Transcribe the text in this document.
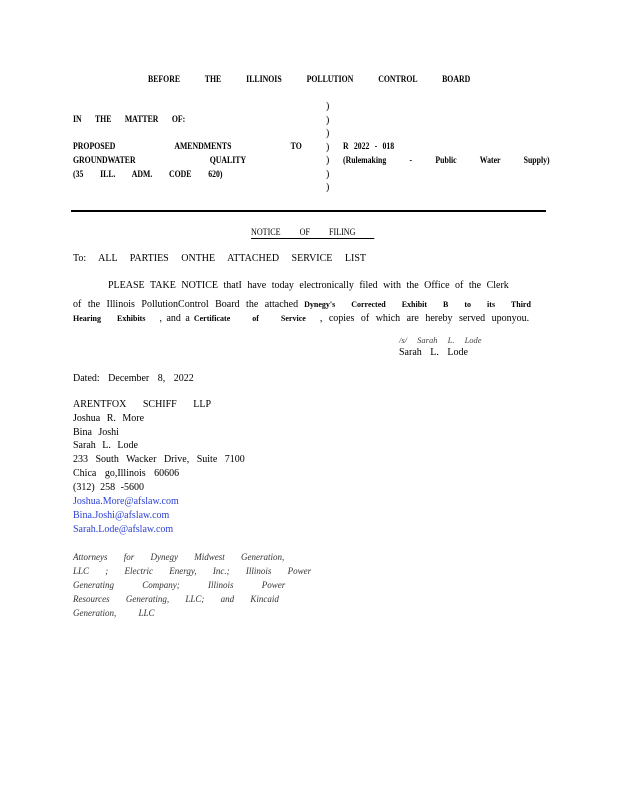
BEFORE THE ILLINOIS POLLUTION CONTROL BOARD
IN THE MATTER OF:
PROPOSED AMENDMENTS TO
GROUNDWATER QUALITY
(35 ILL. ADM. CODE 620)
)
)
)
)
)
)
)
R 2022 - 018
(Rulemaking - Public Water Supply)
NOTICE OF FILING
To: ALL PARTIES ONTHE ATTACHED SERVICE LIST
PLEASE TAKE NOTICE thatI have today electronically filed with the Office of the Clerk
of the Illinois PollutionControl Board the attached Dynegy's Corrected Exhibit B to its Third
Hearing Exhibits , and a Certificate of Service , copies of which are hereby served uponyou.
/s/ Sarah L. Lode
Sarah L. Lode
Dated: December 8, 2022
ARENTFOX SCHIFF LLP
Joshua R. More
Bina Joshi
Sarah L. Lode
233 South Wacker Drive, Suite 7100
Chica go,Illinois 60606
(312) 258 -5600
Joshua.More@afslaw.com
Bina.Joshi@afslaw.com
Sarah.Lode@afslaw.com
Attorneys for Dynegy Midwest Generation,
LLC ; Electric Energy, Inc.; Illinois Power
Generating Company; Illinois Power
Resources Generating, LLC; and Kincaid
Generation, LLC
